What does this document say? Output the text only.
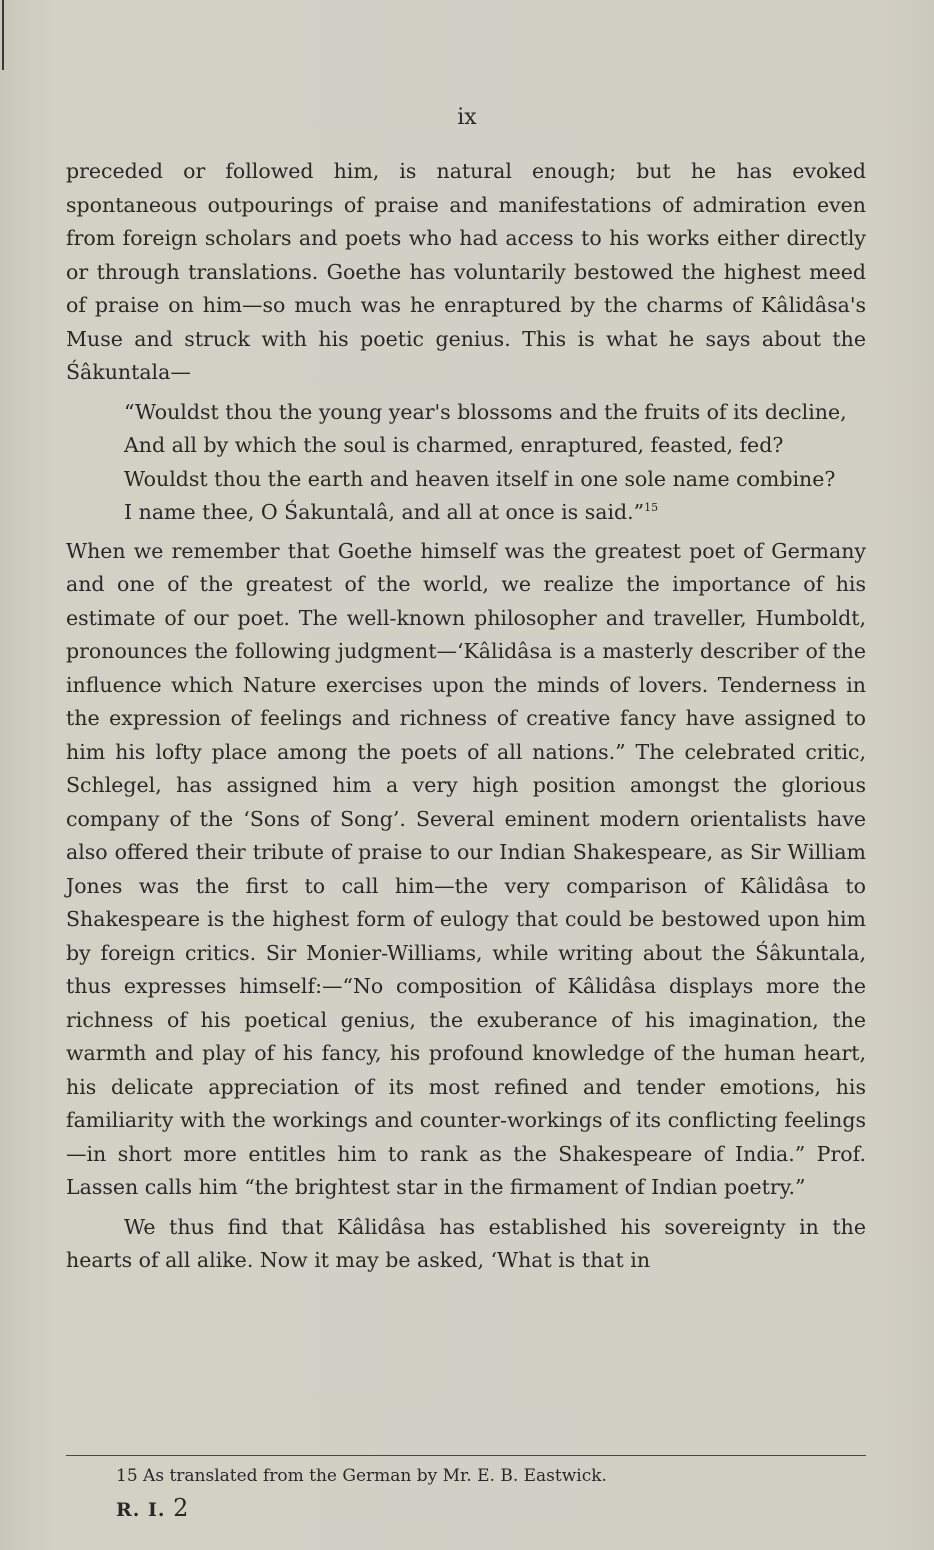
ix

preceded or followed him, is natural enough; but he has evoked spontaneous outpourings of praise and manifestations of admiration even from foreign scholars and poets who had access to his works either directly or through translations. Goethe has voluntarily bestowed the highest meed of praise on him—so much was he enraptured by the charms of Kâlidâsa's Muse and struck with his poetic genius. This is what he says about the Śâkuntala—

“Wouldst thou the young year's blossoms and the fruits of its decline,

And all by which the soul is charmed, enraptured, feasted, fed?

Wouldst thou the earth and heaven itself in one sole name combine?

I name thee, O Śakuntalâ, and all at once is said.”$^{15}$

When we remember that Goethe himself was the greatest poet of Germany and one of the greatest of the world, we realize the importance of his estimate of our poet. The well-known philosopher and traveller, Humboldt, pronounces the following judgment—‘Kâlidâsa is a masterly describer of the influence which Nature exercises upon the minds of lovers. Tenderness in the expression of feelings and richness of creative fancy have assigned to him his lofty place among the poets of all nations.” The celebrated critic, Schlegel, has assigned him a very high position amongst the glorious company of the ‘Sons of Song’. Several eminent modern orientalists have also offered their tribute of praise to our Indian Shakespeare, as Sir William Jones was the first to call him—the very comparison of Kâlidâsa to Shakespeare is the highest form of eulogy that could be bestowed upon him by foreign critics. Sir Monier-Williams, while writing about the Śâkuntala, thus expresses himself:—“No composition of Kâlidâsa displays more the richness of his poetical genius, the exuberance of his imagination, the warmth and play of his fancy, his profound knowledge of the human heart, his delicate appreciation of its most refined and tender emotions, his familiarity with the workings and counter-workings of its conflicting feelings—in short more entitles him to rank as the Shakespeare of India.” Prof. Lassen calls him “the brightest star in the firmament of Indian poetry.”

We thus find that Kâlidâsa has established his sovereignty in the hearts of all alike. Now it may be asked, ‘What is that in

15 As translated from the German by Mr. E. B. Eastwick.
R. I. 2
